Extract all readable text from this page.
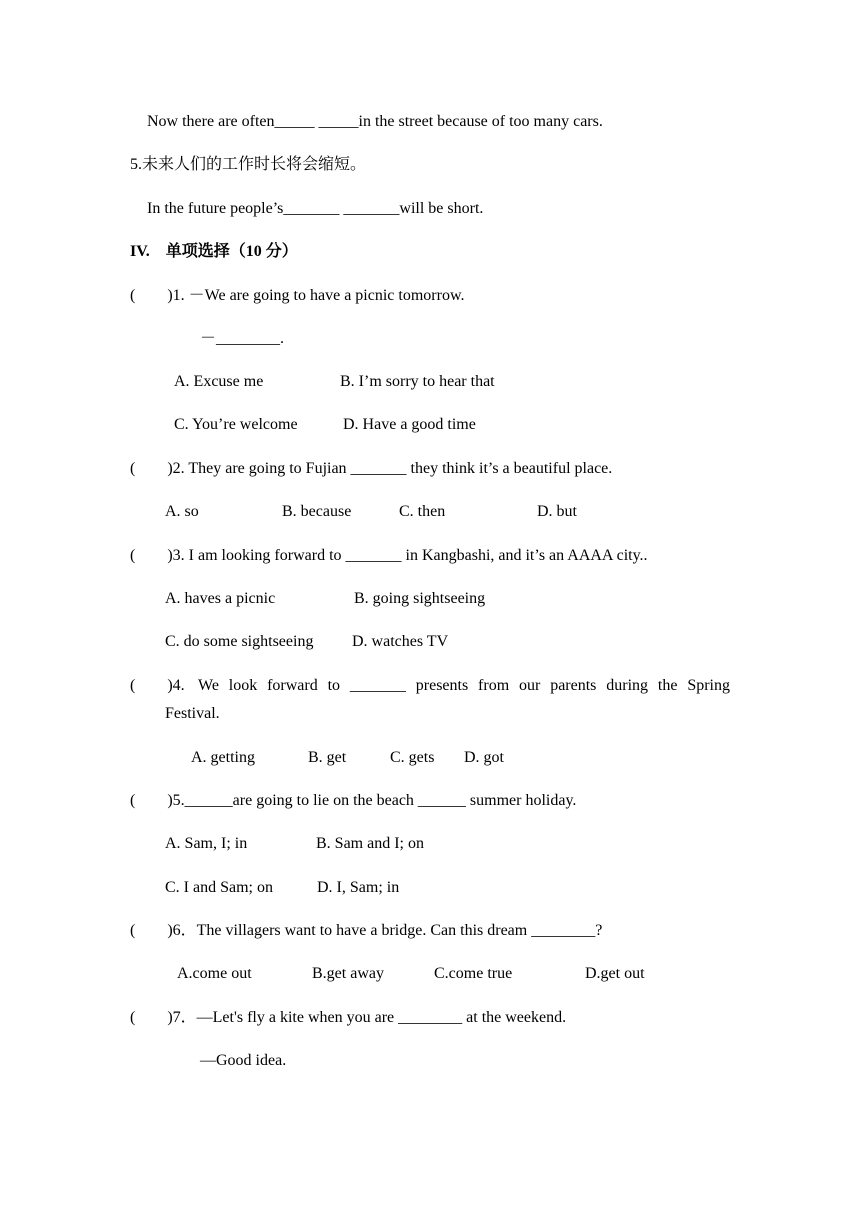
Now there are often_____ _____in the street because of too many cars.
5.未来人们的工作时长将会缩短。
In the future people’s_______ _______will be short.
IV.    单项选择（10 分）
(        )1. －We are going to have a picnic tomorrow.
－________.
A. Excuse me	B. I’m sorry to hear that
C. You’re welcome	D. Have a good time
(        )2. They are going to Fujian _______ they think it’s a beautiful place.
A. so	B. because	C. then	D. but
(        )3. I am looking forward to _______ in Kangbashi, and it’s an AAAA city..
A. haves a picnic	B. going sightseeing
C. do some sightseeing D. watches TV
(        )4. We look forward to _______ presents from our parents during the Spring
Festival.
A. getting	B. get	C. gets D. got
(        )5.______are going to lie on the beach ______ summer holiday.
A. Sam, I; in	B. Sam and I; on
C. I and Sam; on	D. I, Sam; in
(        )6．The villagers want to have a bridge. Can this dream ________?
A.come out	B.get away	C.come true	D.get out
(        )7．—Let's fly a kite when you are ________ at the weekend.
—Good idea.
